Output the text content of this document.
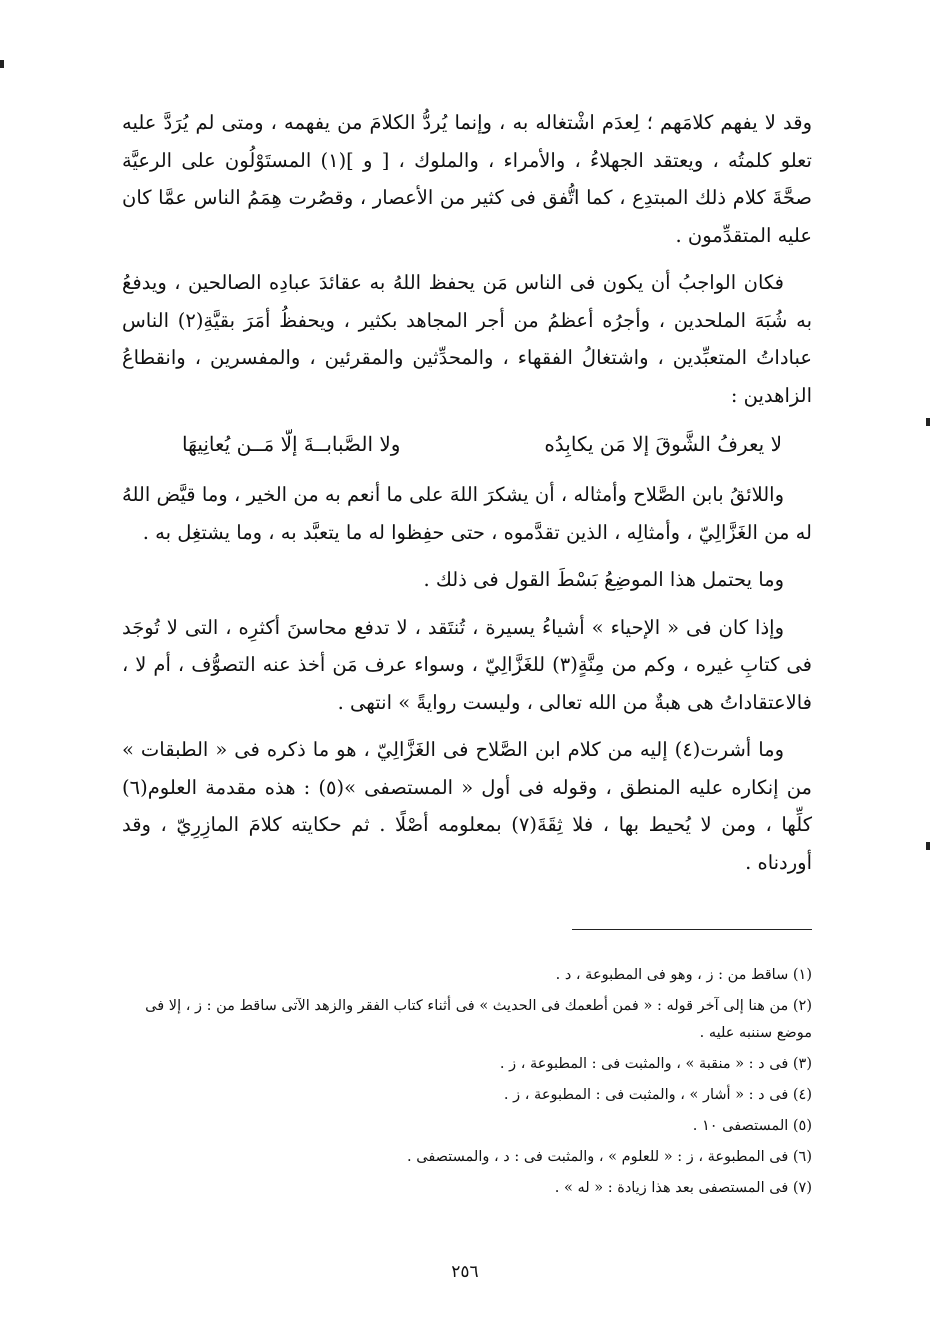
وقد لا يفهم كلامَهم ؛ لِعدَم اشْتغاله به ، وإنما يُردُّ الكلامَ من يفهمه ، ومتى لم يُرَدَّ عليه تعلو كلمتُه ، ويعتقد الجهلاءُ ، والأمراء ، والملوك ، [ و ](١) المستَوْلُون على الرعيَّة صحَّةَ كلام ذلك المبتدِع ، كما اتُّفق فى كثير من الأعصار ، وقصُرت هِمَمُ الناس عمَّا كان عليه المتقدِّمون .

فكان الواجبُ أن يكون فى الناس مَن يحفظ اللهُ به عقائدَ عبادِه الصالحين ، ويدفعُ به شُبَهَ الملحدين ، وأجرُه أعظمُ من أجر المجاهد بكثير ، ويحفظُ أمَرَ بقيَّةِ(٢) الناس عباداتُ المتعبِّدين ، واشتغالُ الفقهاء ، والمحدِّثين والمقرئين ، والمفسرين ، وانقطاعُ الزاهدين :

لا يعرفُ الشَّوقَ إلا مَن يكابِدُه
ولا الصَّبابــةَ إلّا مَــن يُعانِيهَا

واللائقُ بابن الصَّلاح وأمثاله ، أن يشكرَ اللهَ على ما أنعم به من الخير ، وما قيَّض اللهُ له من الغَزَّالِيّ ، وأمثالِه ، الذين تقدَّموه ، حتى حفِظوا له ما يتعبَّد به ، وما يشتغِل به .

وما يحتمل هذا الموضِعُ بَسْطَ القول فى ذلك .

وإذا كان فى « الإحياء » أشياءُ يسيرة ، تُنتَقد ، لا تدفع محاسنَ أكثرِه ، التى لا تُوجَد فى كتابِ غيره ، وكم من مِنَّةٍ(٣) للغَزَّالِيّ ، وسواء عرف مَن أخذ عنه التصوُّف ، أم لا ، فالاعتقاداتُ هى هبةٌ من الله تعالى ، وليست روايةً » انتهى .

وما أشرت(٤) إليه من كلام ابن الصَّلاح فى الغَزَّالِيّ ، هو ما ذكره فى « الطبقات » من إنكاره عليه المنطق ، وقوله فى أول « المستصفى »(٥) : هذه مقدمة العلوم(٦) كلِّها ، ومن لا يُحيط بها ، فلا ثِقَةَ(٧) بمعلومه أصْلًا . ثم حكايته كلامَ المازِرِيّ ، وقد أوردناه .

(١) ساقط من : ز ، وهو فى المطبوعة ، د .

(٢) من هنا إلى آخر قوله : « فمن أطعمك فى الحديث » فى أثناء كتاب الفقر والزهد الآتى ساقط من : ز ، إلا فى موضع سننبه عليه .

(٣) فى د : « منقبة » ، والمثبت فى : المطبوعة ، ز .

(٤) فى د : « أشار » ، والمثبت فى : المطبوعة ، ز .

(٥) المستصفى ١٠ .

(٦) فى المطبوعة ، ز : « للعلوم » ، والمثبت فى : د ، والمستصفى .

(٧) فى المستصفى بعد هذا زيادة : « له » .

٢٥٦
